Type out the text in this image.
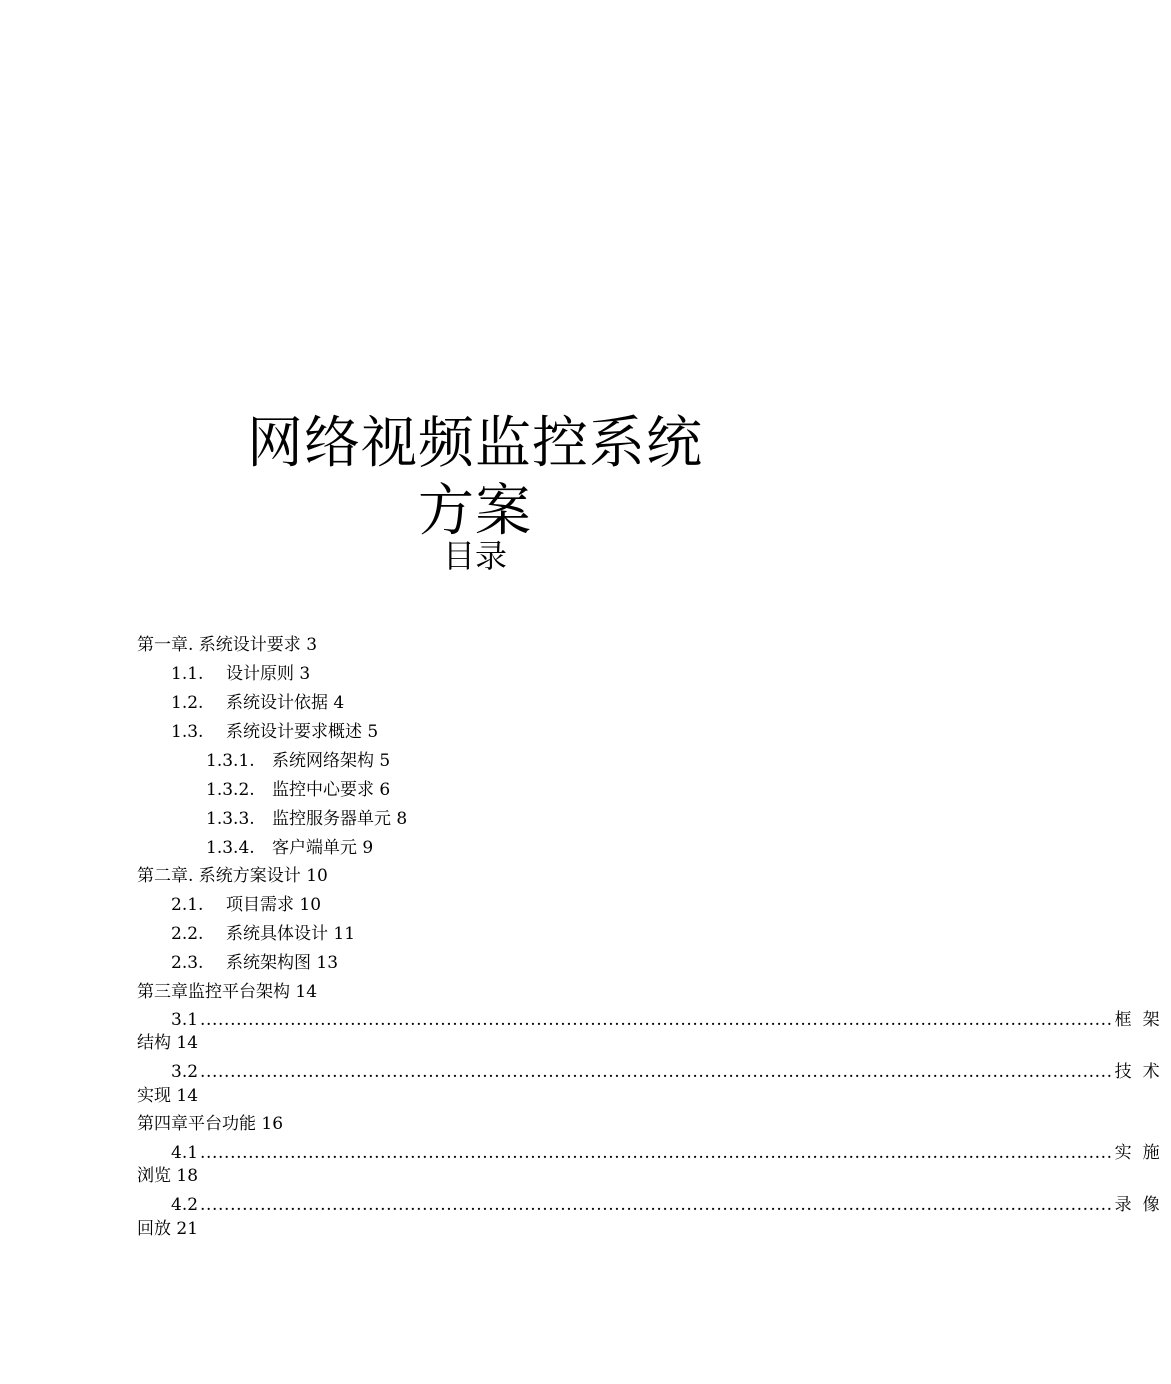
网络视频监控系统
方案
目录
第一章. 系统设计要求 3
1.1. 设计原则 3
1.2. 系统设计依据 4
1.3. 系统设计要求概述 5
1.3.1. 系统网络架构 5
1.3.2. 监控中心要求 6
1.3.3. 监控服务器单元 8
1.3.4. 客户端单元 9
第二章. 系统方案设计 10
2.1. 项目需求 10
2.2. 系统具体设计 11
2.3. 系统架构图 13
第三章监控平台架构 14
3.1 ........................................................................................................................................................ 框架
结构 14
3.2 ........................................................................................................................................................ 技术
实现 14
第四章平台功能 16
4.1 ........................................................................................................................................................ 实施
浏览 18
4.2 ........................................................................................................................................................ 录像
回放 21
